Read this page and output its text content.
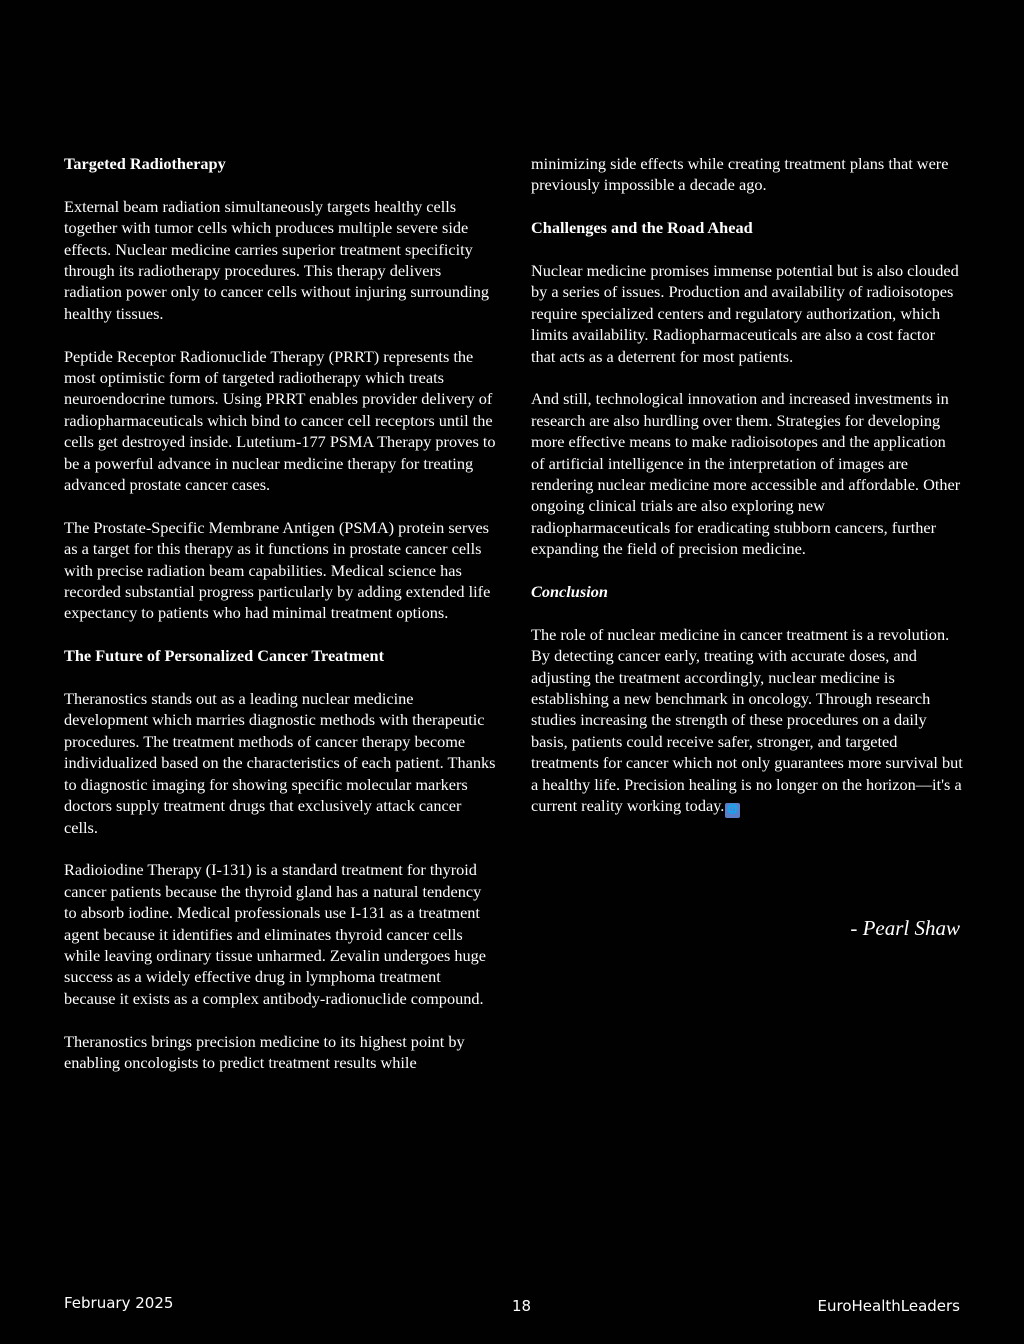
Targeted Radiotherapy

External beam radiation simultaneously targets healthy cells together with tumor cells which produces multiple severe side effects. Nuclear medicine carries superior treatment specificity through its radiotherapy procedures. This therapy delivers radiation power only to cancer cells without injuring surrounding healthy tissues.

Peptide Receptor Radionuclide Therapy (PRRT) represents the most optimistic form of targeted radiotherapy which treats neuroendocrine tumors. Using PRRT enables provider delivery of radiopharmaceuticals which bind to cancer cell receptors until the cells get destroyed inside. Lutetium-177 PSMA Therapy proves to be a powerful advance in nuclear medicine therapy for treating advanced prostate cancer cases.

The Prostate-Specific Membrane Antigen (PSMA) protein serves as a target for this therapy as it functions in prostate cancer cells with precise radiation beam capabilities. Medical science has recorded substantial progress particularly by adding extended life expectancy to patients who had minimal treatment options.

The Future of Personalized Cancer Treatment

Theranostics stands out as a leading nuclear medicine development which marries diagnostic methods with therapeutic procedures. The treatment methods of cancer therapy become individualized based on the characteristics of each patient. Thanks to diagnostic imaging for showing specific molecular markers doctors supply treatment drugs that exclusively attack cancer cells.

Radioiodine Therapy (I-131) is a standard treatment for thyroid cancer patients because the thyroid gland has a natural tendency to absorb iodine. Medical professionals use I-131 as a treatment agent because it identifies and eliminates thyroid cancer cells while leaving ordinary tissue unharmed. Zevalin undergoes huge success as a widely effective drug in lymphoma treatment because it exists as a complex antibody-radionuclide compound.

Theranostics brings precision medicine to its highest point by enabling oncologists to predict treatment results while

minimizing side effects while creating treatment plans that were previously impossible a decade ago.

Challenges and the Road Ahead

Nuclear medicine promises immense potential but is also clouded by a series of issues. Production and availability of radioisotopes require specialized centers and regulatory authorization, which limits availability. Radiopharmaceuticals are also a cost factor that acts as a deterrent for most patients.

And still, technological innovation and increased investments in research are also hurdling over them. Strategies for developing more effective means to make radioisotopes and the application of artificial intelligence in the interpretation of images are rendering nuclear medicine more accessible and affordable. Other ongoing clinical trials are also exploring new radiopharmaceuticals for eradicating stubborn cancers, further expanding the field of precision medicine.

Conclusion

The role of nuclear medicine in cancer treatment is a revolution. By detecting cancer early, treating with accurate doses, and adjusting the treatment accordingly, nuclear medicine is establishing a new benchmark in oncology. Through research studies increasing the strength of these procedures on a daily basis, patients could receive safer, stronger, and targeted treatments for cancer which not only guarantees more survival but a healthy life. Precision healing is no longer on the horizon—it's a current reality working today. 🌐

- Pearl Shaw
February 2025	18	EuroHealthLeaders
